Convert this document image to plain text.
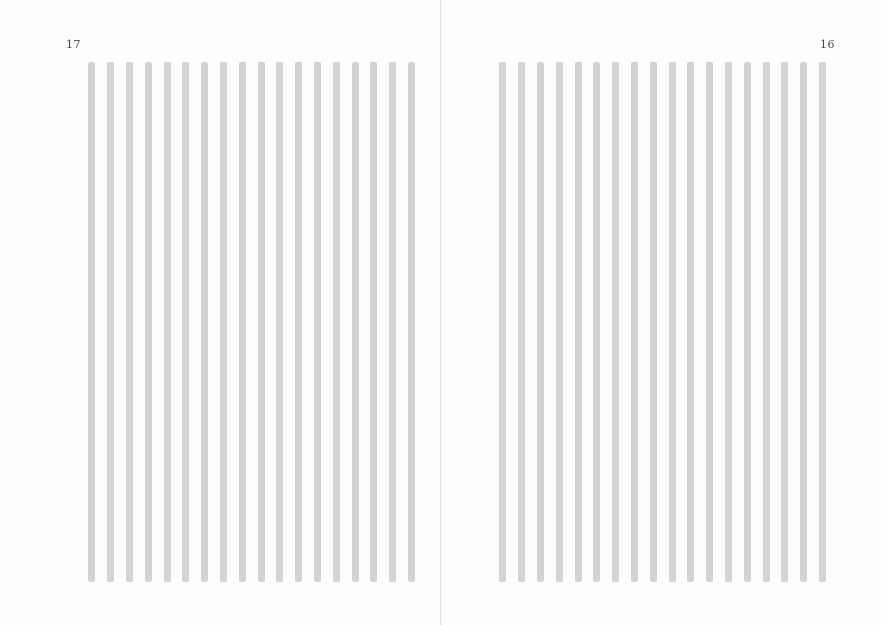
17	16
